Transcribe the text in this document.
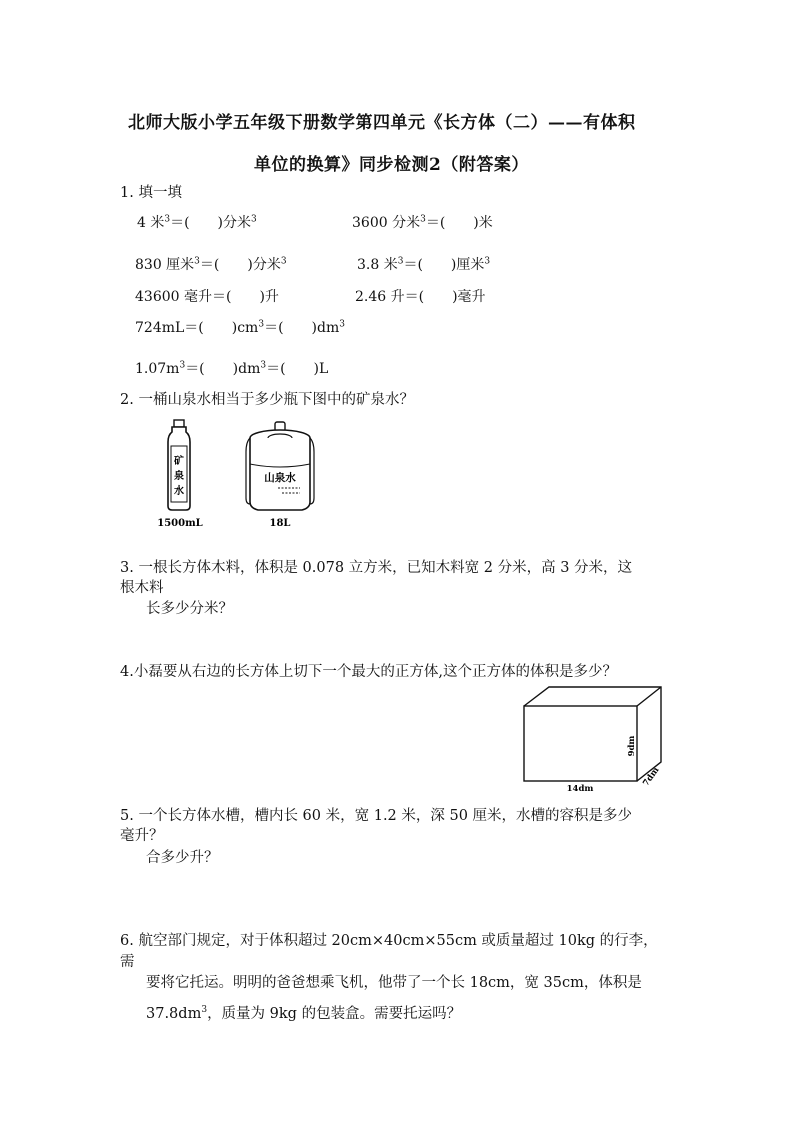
北师大版小学五年级下册数学第四单元《长方体（二）——有体积
单位的换算》同步检测2（附答案）
1. 填一填
4 米$^3$＝(　　)分米$^3$	3600 分米$^3$＝(　　)米
830 厘米$^3$＝(　　)分米$^3$	3.8 米$^3$＝(　　)厘米$^3$
43600 毫升＝(　　)升	2.46 升＝(　　)毫升
724mL＝(　　)$cm^3=$(　　)$dm^3$
$1.07m^3=$(　　)$dm^3=$(　　)L
2. 一桶山泉水相当于多少瓶下图中的矿泉水？
矿
泉
水
1500mL
山泉水
18L
3. 一根长方体木料，体积是 0.078 立方米，已知木料宽 2 分米，高 3 分米，这
根木料
长多少分米？
4.小磊要从右边的长方体上切下一个最大的正方体,这个正方体的体积是多少？
14dm
9dm
7dm
5. 一个长方体水槽，槽内长 60 米，宽 1.2 米，深 50 厘米，水槽的容积是多少
毫升？
合多少升？
6. 航空部门规定，对于体积超过 20cm×40cm×55cm 或质量超过 10kg 的行李，
需
要将它托运。明明的爸爸想乘飞机，他带了一个长 18cm，宽 35cm，体积是
$37.8dm^3$，质量为 9kg 的包装盒。需要托运吗？
